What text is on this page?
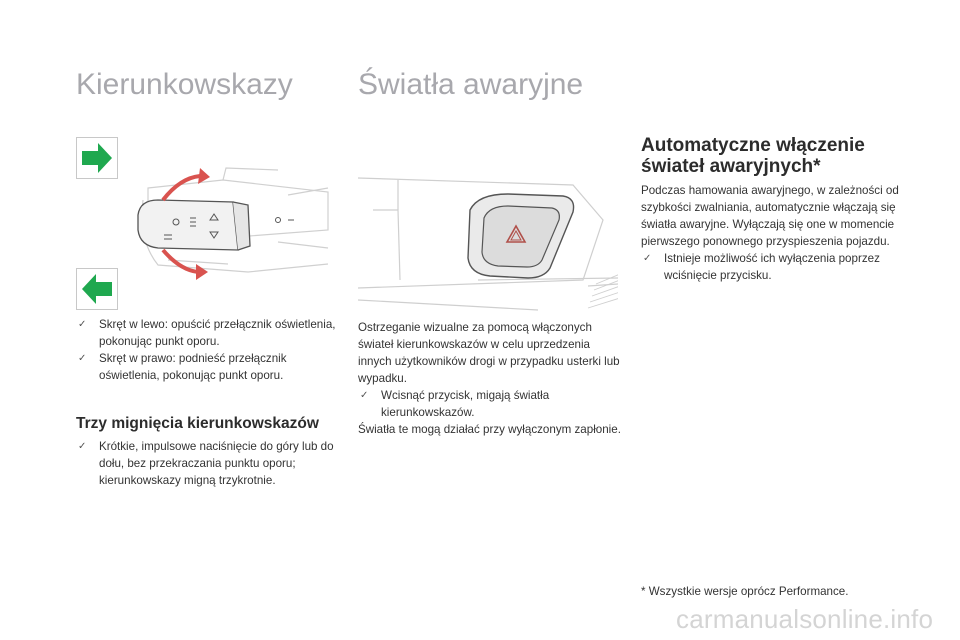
Kierunkowskazy Światła awaryjne
✓ Skręt w lewo: opuścić przełącznik oświetlenia, pokonując punkt oporu.
✓ Skręt w prawo: podnieść przełącznik oświetlenia, pokonując punkt oporu.
Trzy mignięcia kierunkowskazów
✓ Krótkie, impulsowe naciśnięcie do góry lub do dołu, bez przekraczania punktu oporu; kierunkowskazy migną trzykrotnie.

Ostrzeganie wizualne za pomocą włączonych świateł kierunkowskazów w celu uprzedzenia innych użytkowników drogi w przypadku usterki lub wypadku.

✓ Wcisnąć przycisk, migają światła kierunkowskazów.

Światła te mogą działać przy wyłączonym zapłonie.

Automatyczne włączenie
świateł awaryjnych*

Podczas hamowania awaryjnego, w zależności od szybkości zwalniania, automatycznie włączają się światła awaryjne. Wyłączają się one w momencie pierwszego ponownego przyspieszenia pojazdu.

✓ Istnieje możliwość ich wyłączenia poprzez wciśnięcie przycisku.

* Wszystkie wersje oprócz Performance.

carmanualsonline.info
